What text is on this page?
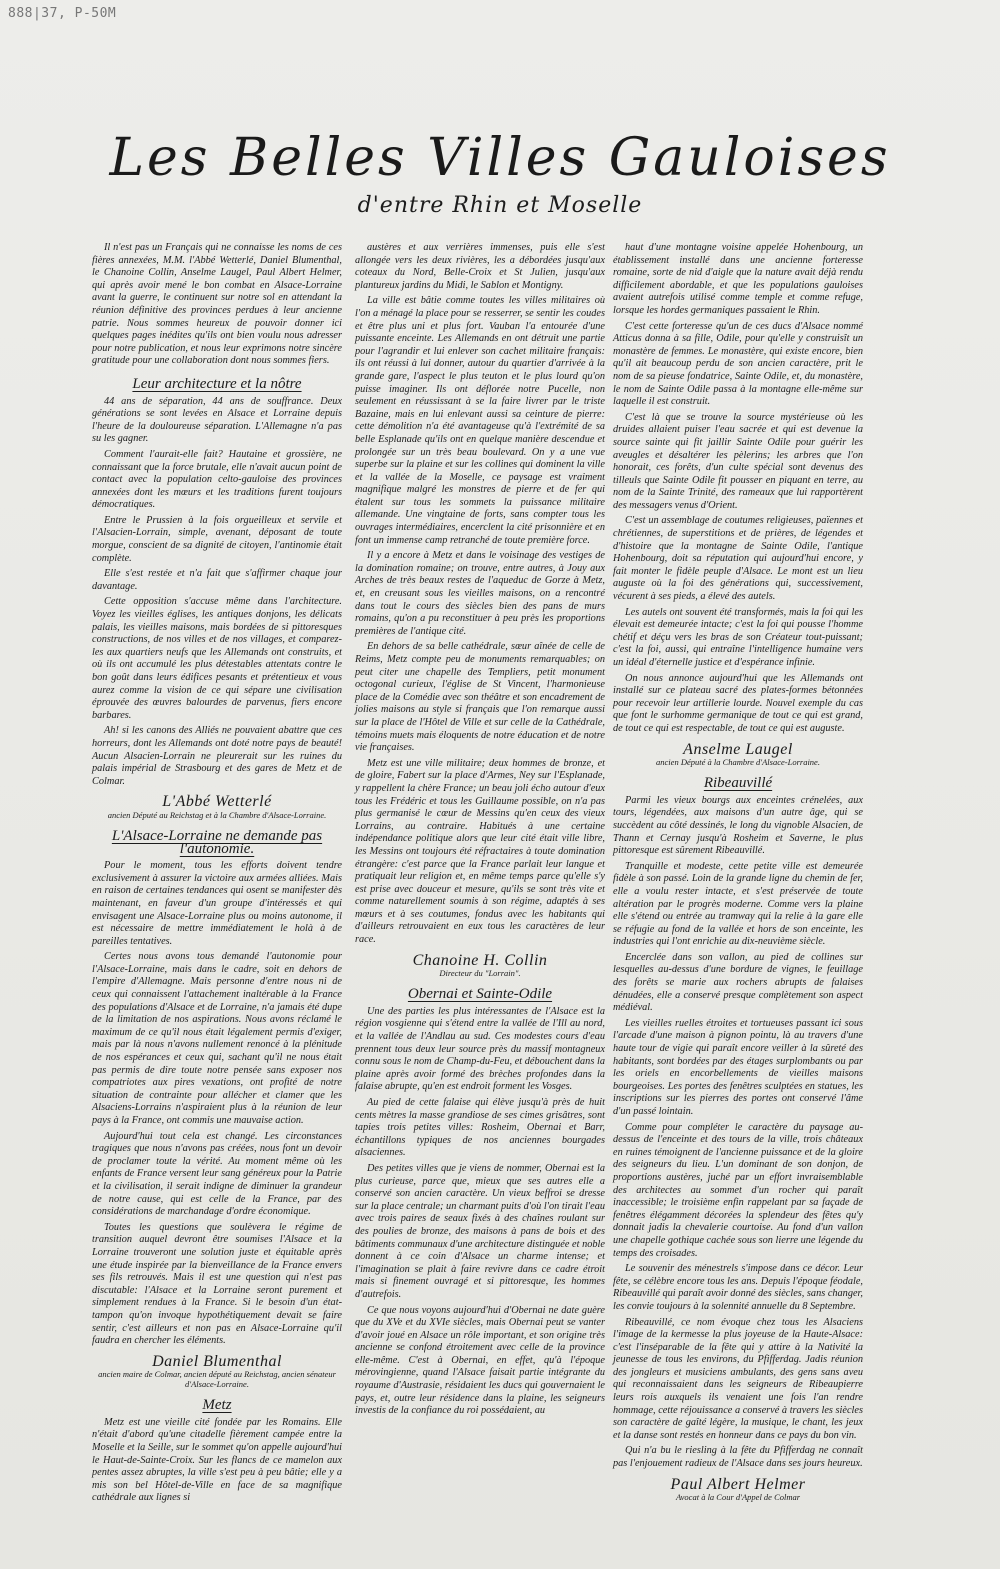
888|37, P-50M
Les Belles Villes Gauloises
d'entre Rhin et Moselle

Il n'est pas un Français qui ne connaisse les noms de ces fières annexées, M.M. l'Abbé Wetterlé, Daniel Blumenthal, le Chanoine Collin, Anselme Laugel, Paul Albert Helmer, qui après avoir mené le bon combat en Alsace-Lorraine avant la guerre, le continuent sur notre sol en attendant la réunion définitive des provinces perdues à leur ancienne patrie. Nous sommes heureux de pouvoir donner ici quelques pages inédites qu'ils ont bien voulu nous adresser pour notre publication, et nous leur exprimons notre sincère gratitude pour une collaboration dont nous sommes fiers.

Leur architecture et la nôtre

44 ans de séparation, 44 ans de souffrance. Deux générations se sont levées en Alsace et Lorraine depuis l'heure de la douloureuse séparation. L'Allemagne n'a pas su les gagner.

Comment l'aurait-elle fait? Hautaine et grossière, ne connaissant que la force brutale, elle n'avait aucun point de contact avec la population celto-gauloise des provinces annexées dont les mœurs et les traditions furent toujours démocratiques.

Entre le Prussien à la fois orgueilleux et servile et l'Alsacien-Lorrain, simple, avenant, déposant de toute morgue, conscient de sa dignité de citoyen, l'antinomie était complète.

Elle s'est restée et n'a fait que s'affirmer chaque jour davantage.

Cette opposition s'accuse même dans l'architecture. Voyez les vieilles églises, les antiques donjons, les délicats palais, les vieilles maisons, mais bordées de si pittoresques constructions, de nos villes et de nos villages, et comparez-les aux quartiers neufs que les Allemands ont construits, et où ils ont accumulé les plus détestables attentats contre le bon goût dans leurs édifices pesants et prétentieux et vous aurez comme la vision de ce qui sépare une civilisation éprouvée des œuvres balourdes de parvenus, fiers encore barbares.

Ah! si les canons des Alliés ne pouvaient abattre que ces horreurs, dont les Allemands ont doté notre pays de beauté! Aucun Alsacien-Lorrain ne pleurerait sur les ruines du palais impérial de Strasbourg et des gares de Metz et de Colmar.

L'Abbé Wetterlé
ancien Député au Reichstag et à la Chambre d'Alsace-Lorraine.
L'Alsace-Lorraine ne demande pas l'autonomie.

Pour le moment, tous les efforts doivent tendre exclusivement à assurer la victoire aux armées alliées. Mais en raison de certaines tendances qui osent se manifester dès maintenant, en faveur d'un groupe d'intéressés et qui envisagent une Alsace-Lorraine plus ou moins autonome, il est nécessaire de mettre immédiatement le holà à de pareilles tentatives.

Certes nous avons tous demandé l'autonomie pour l'Alsace-Lorraine, mais dans le cadre, soit en dehors de l'empire d'Allemagne. Mais personne d'entre nous ni de ceux qui connaissent l'attachement inaltérable à la France des populations d'Alsace et de Lorraine, n'a jamais été dupe de la limitation de nos aspirations. Nous avons réclamé le maximum de ce qu'il nous était légalement permis d'exiger, mais par là nous n'avons nullement renoncé à la plénitude de nos espérances et ceux qui, sachant qu'il ne nous était pas permis de dire toute notre pensée sans exposer nos compatriotes aux pires vexations, ont profité de notre situation de contrainte pour allécher et clamer que les Alsaciens-Lorrains n'aspiraient plus à la réunion de leur pays à la France, ont commis une mauvaise action.

Aujourd'hui tout cela est changé. Les circonstances tragiques que nous n'avons pas créées, nous font un devoir de proclamer toute la vérité. Au moment même où les enfants de France versent leur sang généreux pour la Patrie et la civilisation, il serait indigne de diminuer la grandeur de notre cause, qui est celle de la France, par des considérations de marchandage d'ordre économique.

Toutes les questions que soulèvera le régime de transition auquel devront être soumises l'Alsace et la Lorraine trouveront une solution juste et équitable après une étude inspirée par la bienveillance de la France envers ses fils retrouvés. Mais il est une question qui n'est pas discutable: l'Alsace et la Lorraine seront purement et simplement rendues à la France. Si le besoin d'un état-tampon qu'on invoque hypothétiquement devait se faire sentir, c'est ailleurs et non pas en Alsace-Lorraine qu'il faudra en chercher les éléments.

Daniel Blumenthal
ancien maire de Colmar, ancien député au Reichstag, ancien sénateur d'Alsace-Lorraine.
Metz

Metz est une vieille cité fondée par les Romains. Elle n'était d'abord qu'une citadelle fièrement campée entre la Moselle et la Seille, sur le sommet qu'on appelle aujourd'hui le Haut-de-Sainte-Croix. Sur les flancs de ce mamelon aux pentes assez abruptes, la ville s'est peu à peu bâtie; elle y a mis son bel Hôtel-de-Ville en face de sa magnifique cathédrale aux lignes si

austères et aux verrières immenses, puis elle s'est allongée vers les deux rivières, les a débordées jusqu'aux coteaux du Nord, Belle-Croix et St Julien, jusqu'aux plantureux jardins du Midi, le Sablon et Montigny.

La ville est bâtie comme toutes les villes militaires où l'on a ménagé la place pour se resserrer, se sentir les coudes et être plus uni et plus fort. Vauban l'a entourée d'une puissante enceinte. Les Allemands en ont détruit une partie pour l'agrandir et lui enlever son cachet militaire français: ils ont réussi à lui donner, autour du quartier d'arrivée à la grande gare, l'aspect le plus teuton et le plus lourd qu'on puisse imaginer. Ils ont déflorée notre Pucelle, non seulement en réussissant à se la faire livrer par le triste Bazaine, mais en lui enlevant aussi sa ceinture de pierre: cette démolition n'a été avantageuse qu'à l'extrémité de sa belle Esplanade qu'ils ont en quelque manière descendue et prolongée sur un très beau boulevard. On y a une vue superbe sur la plaine et sur les collines qui dominent la ville et la vallée de la Moselle, ce paysage est vraiment magnifique malgré les monstres de pierre et de fer qui étalent sur tous les sommets la puissance militaire allemande. Une vingtaine de forts, sans compter tous les ouvrages intermédiaires, encerclent la cité prisonnière et en font un immense camp retranché de toute première force.

Il y a encore à Metz et dans le voisinage des vestiges de la domination romaine; on trouve, entre autres, à Jouy aux Arches de très beaux restes de l'aqueduc de Gorze à Metz, et, en creusant sous les vieilles maisons, on a rencontré dans tout le cours des siècles bien des pans de murs romains, qu'on a pu reconstituer à peu près les proportions premières de l'antique cité.

En dehors de sa belle cathédrale, sœur aînée de celle de Reims, Metz compte peu de monuments remarquables; on peut citer une chapelle des Templiers, petit monument octogonal curieux, l'église de St Vincent, l'harmonieuse place de la Comédie avec son théâtre et son encadrement de jolies maisons au style si français que l'on remarque aussi sur la place de l'Hôtel de Ville et sur celle de la Cathédrale, témoins muets mais éloquents de notre éducation et de notre vie françaises.

Metz est une ville militaire; deux hommes de bronze, et de gloire, Fabert sur la place d'Armes, Ney sur l'Esplanade, y rappellent la chère France; un beau joli écho autour d'eux tous les Frédéric et tous les Guillaume possible, on n'a pas plus germanisé le cœur de Messins qu'en ceux des vieux Lorrains, au contraire. Habitués à une certaine indépendance politique alors que leur cité était ville libre, les Messins ont toujours été réfractaires à toute domination étrangère: c'est parce que la France parlait leur langue et pratiquait leur religion et, en même temps parce qu'elle s'y est prise avec douceur et mesure, qu'ils se sont très vite et comme naturellement soumis à son régime, adaptés à ses mœurs et à ses coutumes, fondus avec les habitants qui d'ailleurs retrouvaient en eux tous les caractères de leur race.

Chanoine H. Collin
Directeur du "Lorrain".
Obernai et Sainte-Odile

Une des parties les plus intéressantes de l'Alsace est la région vosgienne qui s'étend entre la vallée de l'Ill au nord, et la vallée de l'Andlau au sud. Ces modestes cours d'eau prennent tous deux leur source près du massif montagneux connu sous le nom de Champ-du-Feu, et débouchent dans la plaine après avoir formé des brèches profondes dans la falaise abrupte, qu'en est endroit forment les Vosges.

Au pied de cette falaise qui élève jusqu'à près de huit cents mètres la masse grandiose de ses cimes grisâtres, sont tapies trois petites villes: Rosheim, Obernai et Barr, échantillons typiques de nos anciennes bourgades alsaciennes.

Des petites villes que je viens de nommer, Obernai est la plus curieuse, parce que, mieux que ses autres elle a conservé son ancien caractère. Un vieux beffroi se dresse sur la place centrale; un charmant puits d'où l'on tirait l'eau avec trois paires de seaux fixés à des chaînes roulant sur des poulies de bronze, des maisons à pans de bois et des bâtiments communaux d'une architecture distinguée et noble donnent à ce coin d'Alsace un charme intense; et l'imagination se plait à faire revivre dans ce cadre étroit mais si finement ouvragé et si pittoresque, les hommes d'autrefois.

Ce que nous voyons aujourd'hui d'Obernai ne date guère que du XVe et du XVIe siècles, mais Obernai peut se vanter d'avoir joué en Alsace un rôle important, et son origine très ancienne se confond étroitement avec celle de la province elle-même. C'est à Obernai, en effet, qu'à l'époque mérovingienne, quand l'Alsace faisait partie intégrante du royaume d'Austrasie, résidaient les ducs qui gouvernaient le pays, et, outre leur résidence dans la plaine, les seigneurs investis de la confiance du roi possédaient, au

haut d'une montagne voisine appelée Hohenbourg, un établissement installé dans une ancienne forteresse romaine, sorte de nid d'aigle que la nature avait déjà rendu difficilement abordable, et que les populations gauloises avaient autrefois utilisé comme temple et comme refuge, lorsque les hordes germaniques passaient le Rhin.

C'est cette forteresse qu'un de ces ducs d'Alsace nommé Atticus donna à sa fille, Odile, pour qu'elle y construisît un monastère de femmes. Le monastère, qui existe encore, bien qu'il ait beaucoup perdu de son ancien caractère, prit le nom de sa pieuse fondatrice, Sainte Odile, et, du monastère, le nom de Sainte Odile passa à la montagne elle-même sur laquelle il est construit.

C'est là que se trouve la source mystérieuse où les druides allaient puiser l'eau sacrée et qui est devenue la source sainte qui fit jaillir Sainte Odile pour guérir les aveugles et désaltérer les pèlerins; les arbres que l'on honorait, ces forêts, d'un culte spécial sont devenus des tilleuls que Sainte Odile fit pousser en piquant en terre, au nom de la Sainte Trinité, des rameaux que lui rapportèrent des messagers venus d'Orient.

C'est un assemblage de coutumes religieuses, païennes et chrétiennes, de superstitions et de prières, de légendes et d'histoire que la montagne de Sainte Odile, l'antique Hohenbourg, doit sa réputation qui aujourd'hui encore, y fait monter le fidèle peuple d'Alsace. Le mont est un lieu auguste où la foi des générations qui, successivement, vécurent à ses pieds, a élevé des autels.

Les autels ont souvent été transformés, mais la foi qui les élevait est demeurée intacte; c'est la foi qui pousse l'homme chétif et déçu vers les bras de son Créateur tout-puissant; c'est la foi, aussi, qui entraîne l'intelligence humaine vers un idéal d'éternelle justice et d'espérance infinie.

On nous annonce aujourd'hui que les Allemands ont installé sur ce plateau sacré des plates-formes bétonnées pour recevoir leur artillerie lourde. Nouvel exemple du cas que font le surhomme germanique de tout ce qui est grand, de tout ce qui est respectable, de tout ce qui est auguste.

Anselme Laugel
ancien Député à la Chambre d'Alsace-Lorraine.
Ribeauvillé

Parmi les vieux bourgs aux enceintes crénelées, aux tours, légendées, aux maisons d'un autre âge, qui se succèdent au côté dessinés, le long du vignoble Alsacien, de Thann et Cernay jusqu'à Rosheim et Saverne, le plus pittoresque est sûrement Ribeauvillé.

Tranquille et modeste, cette petite ville est demeurée fidèle à son passé. Loin de la grande ligne du chemin de fer, elle a voulu rester intacte, et s'est préservée de toute altération par le progrès moderne. Comme vers la plaine elle s'étend ou entrée au tramway qui la relie à la gare elle se réfugie au fond de la vallée et hors de son enceinte, les industries qui l'ont enrichie au dix-neuvième siècle.

Encerclée dans son vallon, au pied de collines sur lesquelles au-dessus d'une bordure de vignes, le feuillage des forêts se marie aux rochers abrupts de falaises dénudées, elle a conservé presque complètement son aspect médiéval.

Les vieilles ruelles étroites et tortueuses passant ici sous l'arcade d'une maison à pignon pointu, là au travers d'une haute tour de vigie qui paraît encore veiller à la sûreté des habitants, sont bordées par des étages surplombants ou par les oriels en encorbellements de vieilles maisons bourgeoises. Les portes des fenêtres sculptées en statues, les inscriptions sur les pierres des portes ont conservé l'âme d'un passé lointain.

Comme pour compléter le caractère du paysage au-dessus de l'enceinte et des tours de la ville, trois châteaux en ruines témoignent de l'ancienne puissance et de la gloire des seigneurs du lieu. L'un dominant de son donjon, de proportions austères, juché par un effort invraisemblable des architectes au sommet d'un rocher qui paraît inaccessible; le troisième enfin rappelant par sa façade de fenêtres élégamment décorées la splendeur des fêtes qu'y donnait jadis la chevalerie courtoise. Au fond d'un vallon une chapelle gothique cachée sous son lierre une légende du temps des croisades.

Le souvenir des ménestrels s'impose dans ce décor. Leur fête, se célèbre encore tous les ans. Depuis l'époque féodale, Ribeauvillé qui paraît avoir donné des siècles, sans changer, les convie toujours à la solennité annuelle du 8 Septembre.

Ribeauvillé, ce nom évoque chez tous les Alsaciens l'image de la kermesse la plus joyeuse de la Haute-Alsace: c'est l'inséparable de la fête qui y attire à la Nativité la jeunesse de tous les environs, du Pfifferdag. Jadis réunion des jongleurs et musiciens ambulants, des gens sans aveu qui reconnaissaient dans les seigneurs de Ribeaupierre leurs rois auxquels ils venaient une fois l'an rendre hommage, cette réjouissance a conservé à travers les siècles son caractère de gaîté légère, la musique, le chant, les jeux et la danse sont restés en honneur dans ce pays du bon vin.

Qui n'a bu le riesling à la fête du Pfifferdag ne connaît pas l'enjouement radieux de l'Alsace dans ses jours heureux.

Paul Albert Helmer
Avocat à la Cour d'Appel de Colmar
